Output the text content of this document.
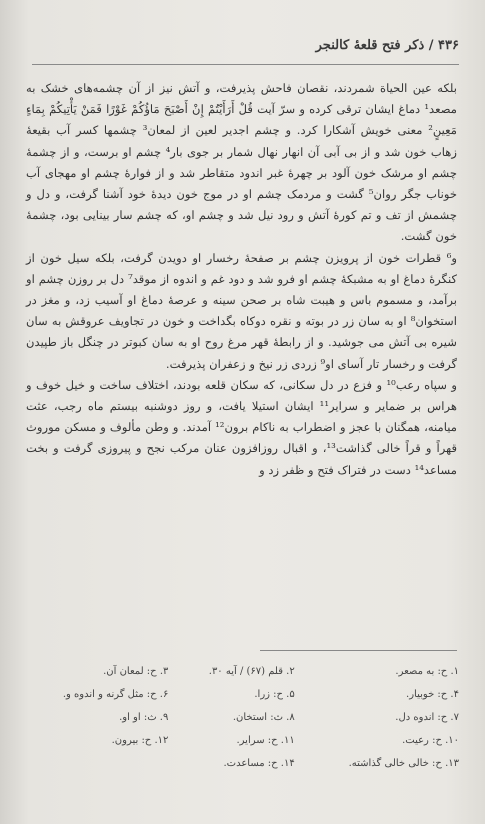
۴۳۶ / ذکر فتح قلعهٔ کالنجر

بلکه عین الحیاة شمردند، نقصان فاحش پذیرفت، و آتش نیز از آن چشمه‌های خشک به مصعد¹ دماغ ایشان ترقی کرده و سرّ آیت قُلْ أَرَأَيْتُمْ إِنْ أَصْبَحَ مَاؤُكُمْ غَوْرًا فَمَنْ يَأْتِيكُمْ بِمَاءٍ مَعِينٍ² معنی خویش آشکارا کرد. و چشم اجدیر لعین از لمعان³ چشمها کسر آب بقیعهٔ زهاب خون شد و از بی آبی آن انهار نهال شمار بر جوی بار⁴ چشم او برست، و از چشمهٔ چشم او مرشک خون آلود بر چهرهٔ غبر اندود متقاطر شد و از فوارهٔ چشم او مهجای آب خوناب جگر روان⁵ گشت و مردمک چشم او در موج خون دیدهٔ خود آشنا گرفت، و دل و چشمش از تف و تم کورهٔ آتش و رود نیل شد و چشم او، که چشم سار بینایی بود، چشمهٔ خون گشت.

و⁶ قطرات خون از پرویزن چشم بر صفحهٔ رخسار او دویدن گرفت، بلکه سیل خون از کنگرهٔ دماغ او به مشبکهٔ چشم او فرو شد و دود غم و اندوه از موقد⁷ دل بر روزن چشم او برآمد، و مسموم باس و هیبت شاه بر صحن سینه و عرصهٔ دماغ او آسیب زد، و مغز در استخوان⁸ او به سان زر در بوته و نقره دوکاه بگداخت و خون در تجاویف عروقش به سان شیره بی آتش می جوشید. و از رابطهٔ قهر مرغ روح او به سان کبوتر در چنگل باز طپیدن گرفت و رخسار تار آسای او⁹ زردی زر نیخ و زعفران پذیرفت.

و سپاه رعب¹⁰ و فزع در دل سکانی، که سکان قلعه بودند، اختلاف ساخت و خیل خوف و هراس بر ضمایر و سرایر¹¹ ایشان استیلا یافت، و روز دوشنبه بیستم ماه رجب، عثت میامنه، همگنان با عجز و اضطراب به ناکام برون¹² آمدند. و وطن مألوف و مسکن موروث قهراً و قراً خالی گذاشت¹³، و اقبال روزافزون عنان مرکب نجح و پیروزی گرفت و بخت مساعد¹⁴ دست در فتراک فتح و ظفر زد و

۱. ح: به مصعر.
۲. قلم (۶۷) / آیه ۳۰.
۳. ح: لمعان آن.
۴. ح: خوبیار.
۵. ح: زرا.
۶. ح: مثل گرنه و اندوه و.
۷. ح: اندوه دل.
۸. ث: استخان.
۹. ث: او او.
۱۰. ح: رعیت.
۱۱. ح: سرایر.
۱۲. ح: بیرون.
۱۳. ح: خالی خالی گذاشته.
۱۴. ح: مساعدت.
